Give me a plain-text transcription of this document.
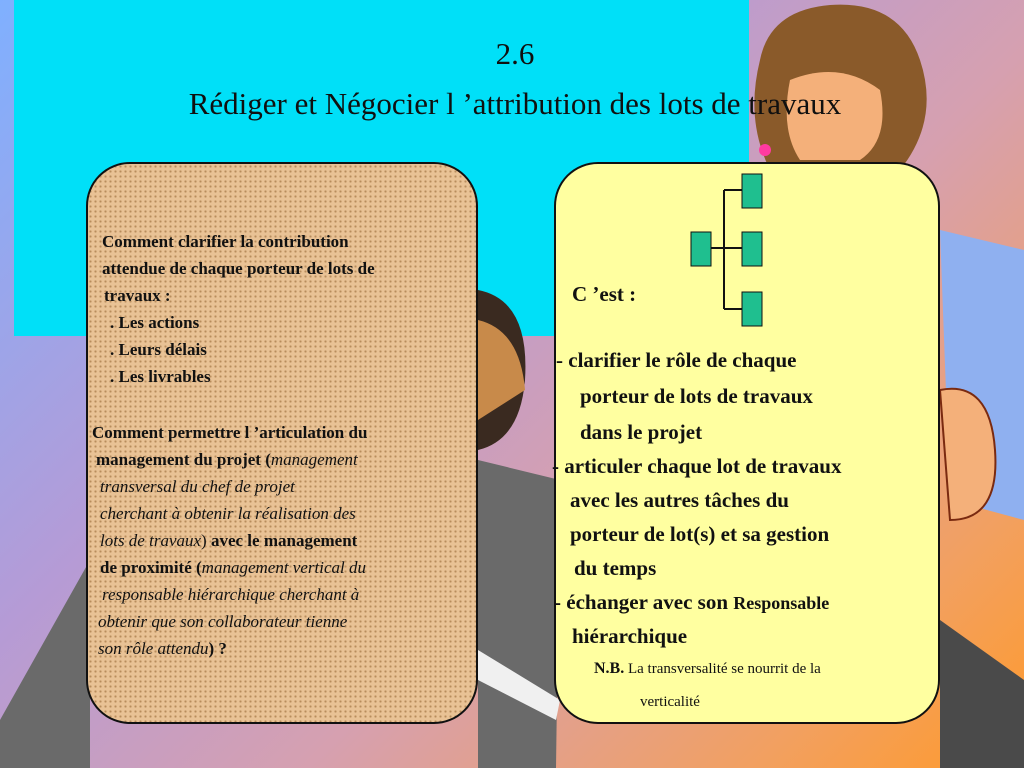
2.6
Rédiger et Négocier l ’attribution des lots de travaux
Comment clarifier la contribution
attendue de chaque porteur de lots de
travaux :
. Les actions
. Leurs délais
. Les livrables
Comment permettre l ’articulation du
management du projet (management
transversal du chef de projet
cherchant à obtenir la réalisation des
lots de travaux) avec le management
de proximité (management vertical du
responsable hiérarchique cherchant à
obtenir que son collaborateur tienne
son rôle attendu) ?
C ’est :
- clarifier le rôle de chaque
porteur de lots de travaux
dans le projet
- articuler chaque lot de travaux
avec les autres tâches du
porteur de lot(s) et sa gestion
du temps
- échanger avec son Responsable
hiérarchique
N.B. La transversalité se nourrit de la
verticalité
